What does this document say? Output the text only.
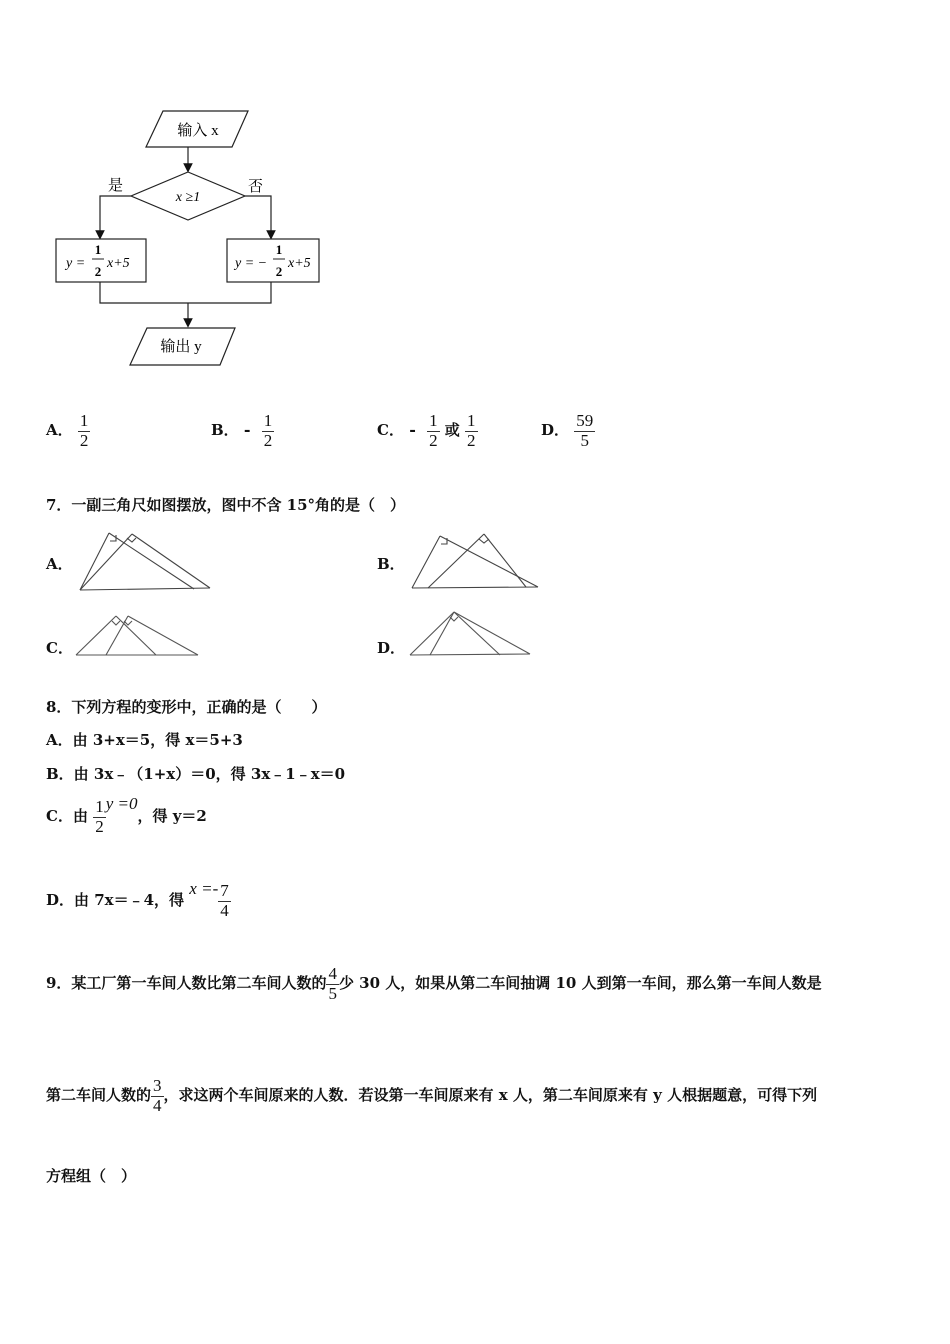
输入 x
x ≥1
是	否
y =
1
2
x+5	y = −
1
2
x+5
输出 y
A． $\frac{1}{2}$	B． - $\frac{1}{2}$	C． - $\frac{1}{2}$ 或 $\frac{1}{2}$	D． $\frac{59}{5}$
7．一副三角尺如图摆放，图中不含 15°角的是（　）
A．	B．
C．	D．
8．下列方程的变形中，正确的是（　　）
A．由 3+x＝5，得 x＝5+3
B．由 3x﹣（1+x）＝0，得 3x﹣1﹣x＝0
C．由 $\frac{1}{2}$ y =0，得 y＝2
D．由 7x＝﹣4，得 $x =- \frac{7}{4}$
9．某工厂第一车间人数比第二车间人数的 $\frac{4}{5}$ 少 30 人，如果从第二车间抽调 10 人到第一车间，那么第一车间人数是
第二车间人数的 $\frac{3}{4}$ ，求这两个车间原来的人数．若设第一车间原来有 x 人，第二车间原来有 y 人根据题意，可得下列
方程组（　）
